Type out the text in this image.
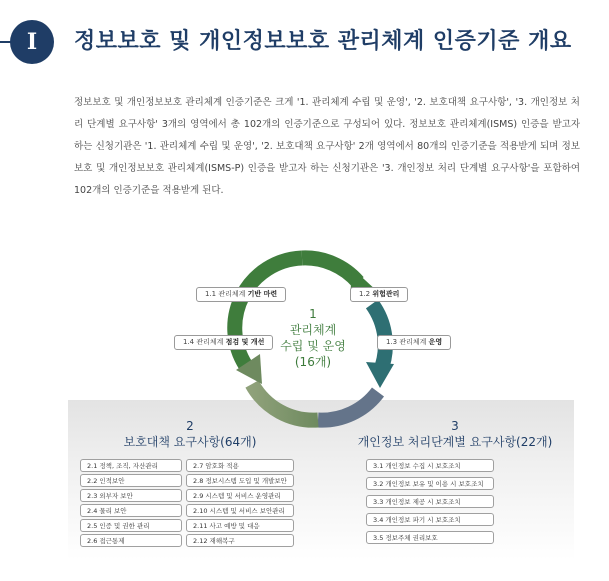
I	정보보호 및 개인정보보호 관리체계 인증기준 개요

정보보호 및 개인정보보호 관리체계 인증기준은 크게 '1. 관리체계 수립 및 운영', '2. 보호대책 요구사항', '3. 개인정보 처리 단계별 요구사항' 3개의 영역에서 총 102개의 인증기준으로 구성되어 있다. 정보보호 관리체계(ISMS) 인증을 받고자 하는 신청기관은 '1. 관리체계 수립 및 운영', '2. 보호대책 요구사항' 2개 영역에서 80개의 인증기준을 적용받게 되며 정보보호 및 개인정보보호 관리체계(ISMS-P) 인증을 받고자 하는 신청기관은 '3. 개인정보 처리 단계별 요구사항'을 포함하여 102개의 인증기준을 적용받게 된다.

1.1 관리체계 기반 마련	1.2 위험관리
1.3 관리체계 운영
1.4 관리체계 점검 및 개선
1
관리체계
수립 및 운영
(16개)
2
보호대책 요구사항(64개)
3
개인정보 처리단계별 요구사항(22개)
2.1 정책, 조직, 자산관리
2.2 인적보안
2.3 외부자 보안
2.4 물리 보안
2.5 인증 및 권한 관리
2.6 접근통제
2.7 암호화 적용
2.8 정보시스템 도입 및 개발보안
2.9 시스템 및 서비스 운영관리
2.10 시스템 및 서비스 보안관리
2.11 사고 예방 및 대응
2.12 재해복구
3.1 개인정보 수집 시 보호조치
3.2 개인정보 보유 및 이용 시 보호조치
3.3 개인정보 제공 시 보호조치
3.4 개인정보 파기 시 보호조치
3.5 정보주체 권리보호
